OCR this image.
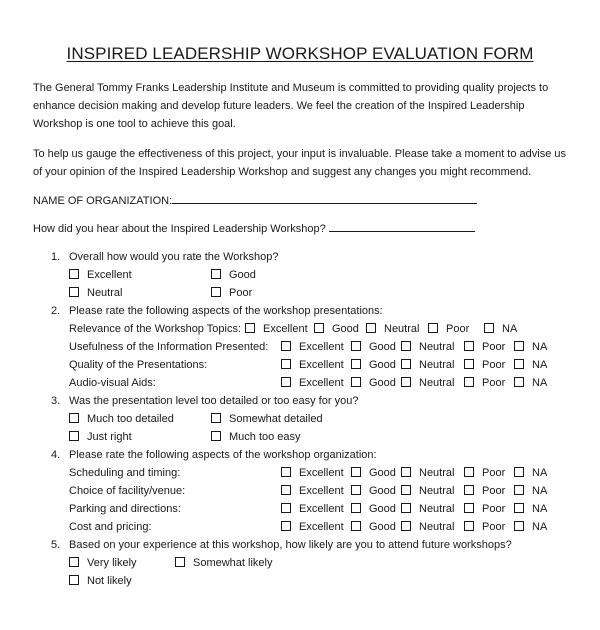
INSPIRED LEADERSHIP WORKSHOP EVALUATION FORM
The General Tommy Franks Leadership Institute and Museum is committed to providing quality projects to enhance decision making and develop future leaders. We feel the creation of the Inspired Leadership Workshop is one tool to achieve this goal.
To help us gauge the effectiveness of this project, your input is invaluable. Please take a moment to advise us of your opinion of the Inspired Leadership Workshop and suggest any changes you might recommend.
NAME OF ORGANIZATION:
How did you hear about the Inspired Leadership Workshop?
1. Overall how would you rate the Workshop?
Excellent	Good
Neutral	Poor
2. Please rate the following aspects of the workshop presentations:
Relevance of the Workshop Topics:	Excellent	Good	Neutral	Poor	NA
Usefulness of the Information Presented:	Excellent	Good	Neutral	Poor	NA
Quality of the Presentations:	Excellent	Good	Neutral	Poor	NA
Audio-visual Aids:	Excellent	Good	Neutral	Poor	NA
3. Was the presentation level too detailed or too easy for you?
Much too detailed	Somewhat detailed
Just right	Much too easy
4. Please rate the following aspects of the workshop organization:
Scheduling and timing:	Excellent	Good	Neutral	Poor	NA
Choice of facility/venue:	Excellent	Good	Neutral	Poor	NA
Parking and directions:	Excellent	Good	Neutral	Poor	NA
Cost and pricing:	Excellent	Good	Neutral	Poor	NA
5. Based on your experience at this workshop, how likely are you to attend future workshops?
Very likely	Somewhat likely
Not likely
